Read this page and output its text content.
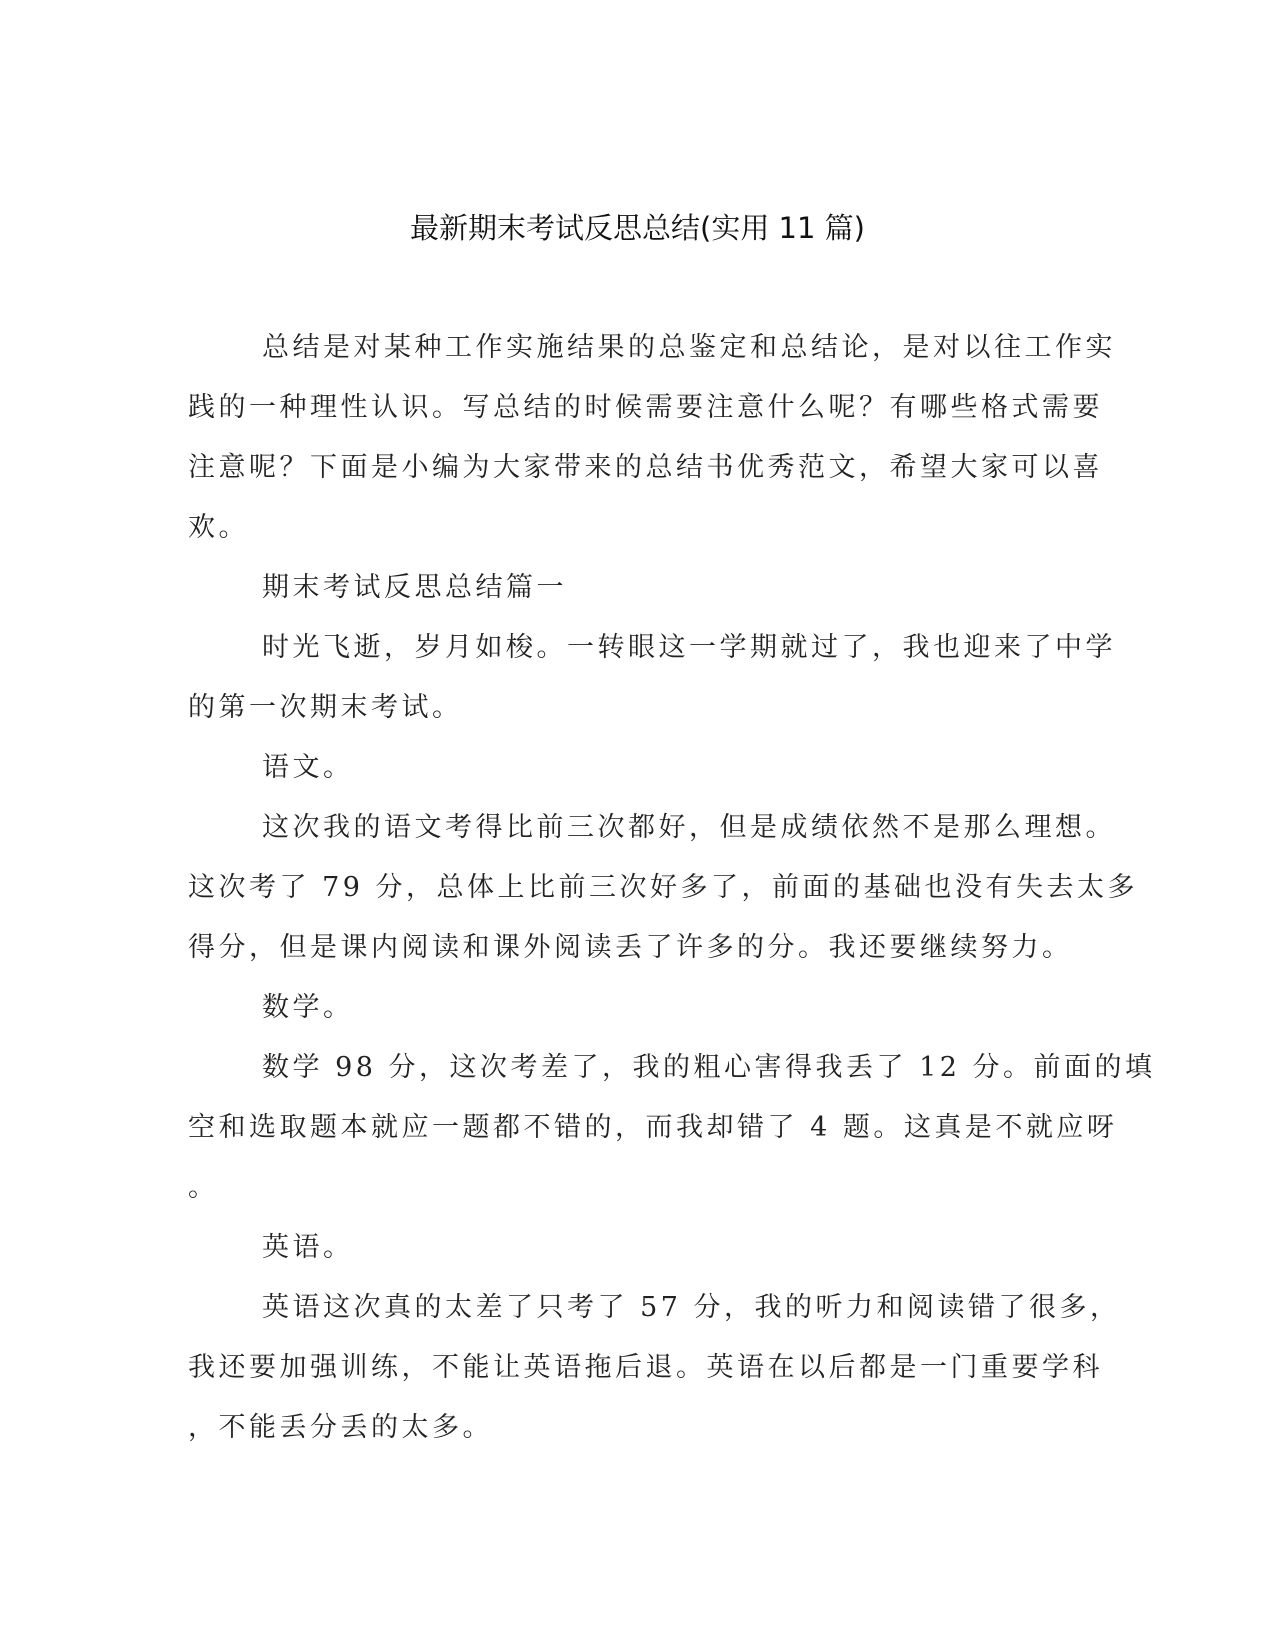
最新期末考试反思总结(实用 11 篇)
总结是对某种工作实施结果的总鉴定和总结论，是对以往工作实
践的一种理性认识。写总结的时候需要注意什么呢？有哪些格式需要
注意呢？下面是小编为大家带来的总结书优秀范文，希望大家可以喜
欢。
期末考试反思总结篇一
时光飞逝，岁月如梭。一转眼这一学期就过了，我也迎来了中学
的第一次期末考试。
语文。
这次我的语文考得比前三次都好，但是成绩依然不是那么理想。
这次考了 79 分，总体上比前三次好多了，前面的基础也没有失去太多
得分，但是课内阅读和课外阅读丢了许多的分。我还要继续努力。
数学。
数学 98 分，这次考差了，我的粗心害得我丢了 12 分。前面的填
空和选取题本就应一题都不错的，而我却错了 4 题。这真是不就应呀
。
英语。
英语这次真的太差了只考了 57 分，我的听力和阅读错了很多，
我还要加强训练，不能让英语拖后退。英语在以后都是一门重要学科
，不能丢分丢的太多。
